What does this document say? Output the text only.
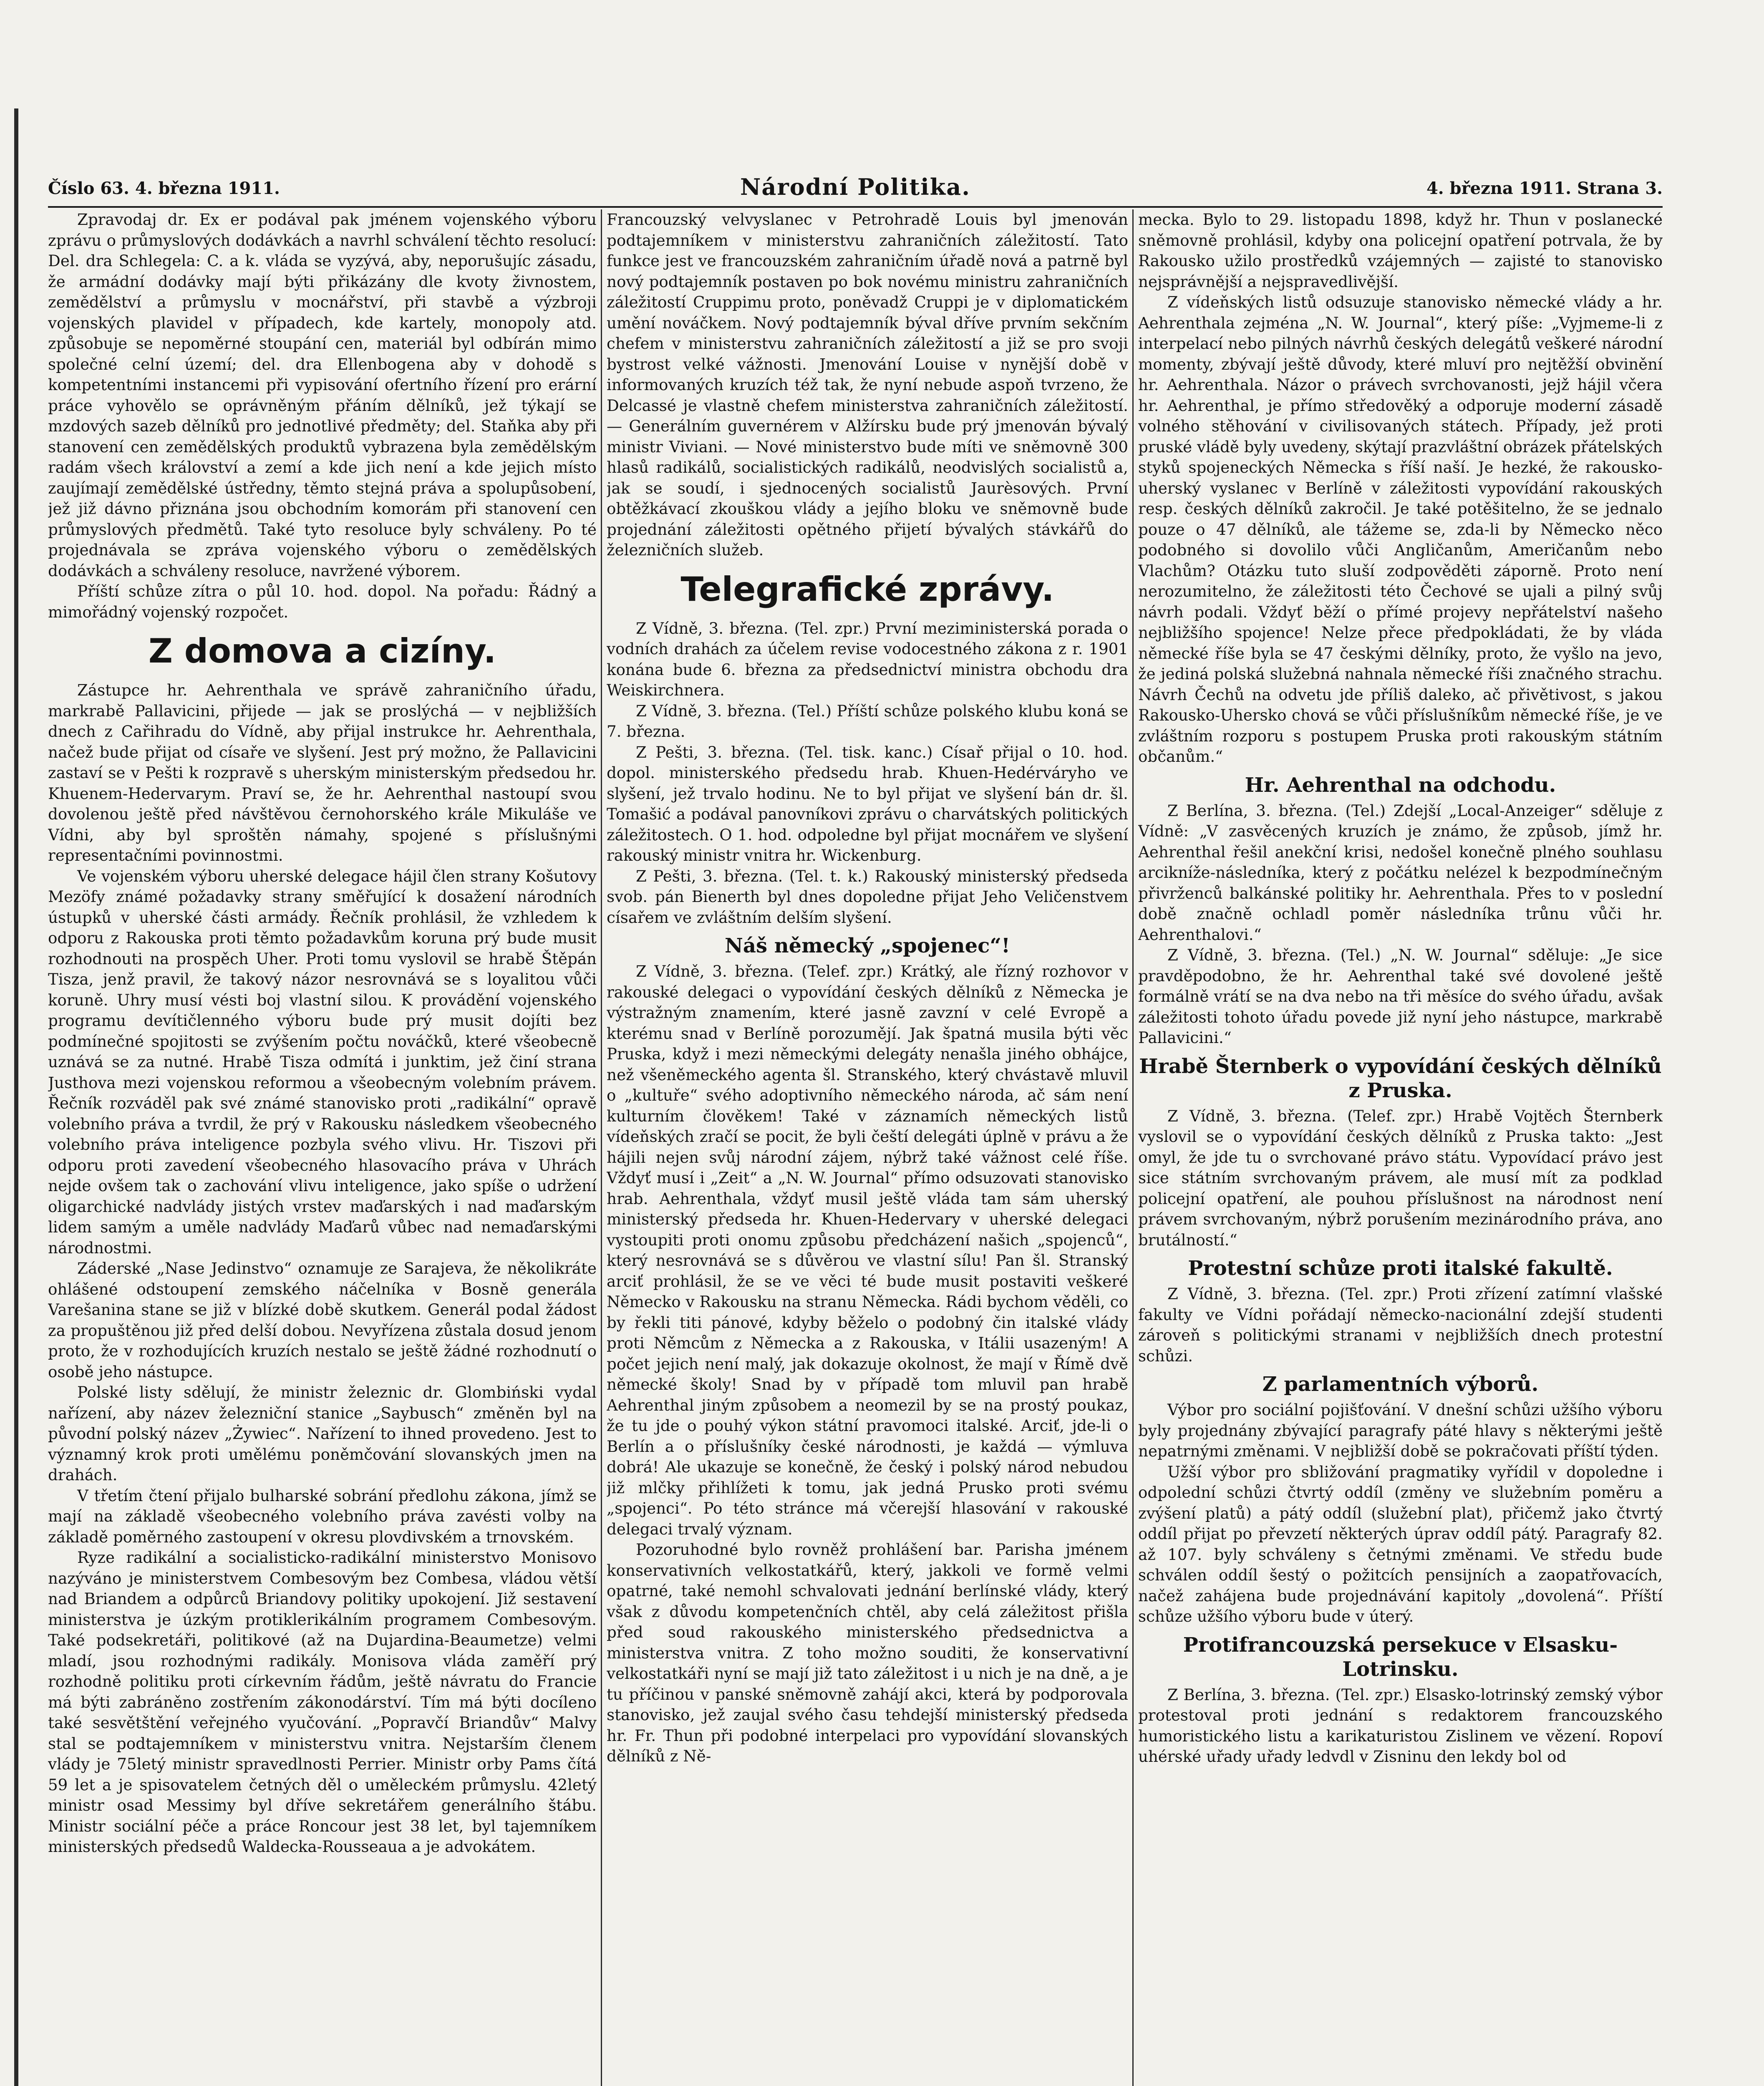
Číslo 63. 4. března 1911.	Národní Politika.	4. března 1911. Strana 3.

Zpravodaj dr. Ex er podával pak jménem vojenského výboru zprávu o průmyslových dodávkách a navrhl schválení těchto resolucí: Del. dra Schlegela: C. a k. vláda se vyzývá, aby, neporušujíc zásadu, že armádní dodávky mají býti přikázány dle kvoty živnostem, zemědělství a průmyslu v mocnářství, při stavbě a výzbroji vojenských plavidel v případech, kde kartely, monopoly atd. způsobuje se nepoměrné stoupání cen, materiál byl odbírán mimo společné celní území; del. dra Ellenbogena aby v dohodě s kompetentními instancemi při vypisování ofertního řízení pro erární práce vyhovělo se oprávněným přáním dělníků, jež týkají se mzdových sazeb dělníků pro jednotlivé předměty; del. Staňka aby při stanovení cen zemědělských produktů vybrazena byla zemědělským radám všech království a zemí a kde jich není a kde jejich místo zaujímají zemědělské ústředny, těmto stejná práva a spolupůsobení, jež již dávno přiznána jsou obchodním komorám při stanovení cen průmyslových předmětů. Také tyto resoluce byly schváleny. Po té projednávala se zpráva vojenského výboru o zemědělských dodávkách a schváleny resoluce, navržené výborem.

Příští schůze zítra o půl 10. hod. dopol. Na pořadu: Řádný a mimořádný vojenský rozpočet.

Z domova a cizíny.

Zástupce hr. Aehrenthala ve správě zahraničního úřadu, markrabě Pallavicini, přijede — jak se proslýchá — v nejbližších dnech z Cařihradu do Vídně, aby přijal instrukce hr. Aehrenthala, načež bude přijat od císaře ve slyšení. Jest prý možno, že Pallavicini zastaví se v Pešti k rozpravě s uherským ministerským předsedou hr. Khuenem-Hedervarym. Praví se, že hr. Aehrenthal nastoupí svou dovolenou ještě před návštěvou černohorského krále Mikuláše ve Vídni, aby byl sproštěn námahy, spojené s příslušnými representačními povinnostmi.

Ve vojenském výboru uherské delegace hájil člen strany Košutovy Mezöfy známé požadavky strany směřující k dosažení národních ústupků v uherské části armády. Řečník prohlásil, že vzhledem k odporu z Rakouska proti těmto požadavkům koruna prý bude musit rozhodnouti na prospěch Uher. Proti tomu vyslovil se hrabě Štěpán Tisza, jenž pravil, že takový názor nesrovnává se s loyalitou vůči koruně. Uhry musí vésti boj vlastní silou. K provádění vojenského programu devítičlenného výboru bude prý musit dojíti bez podmínečné spojitosti se zvýšením počtu nováčků, které všeobecně uznává se za nutné. Hrabě Tisza odmítá i junktim, jež činí strana Justhova mezi vojenskou reformou a všeobecným volebním právem. Řečník rozváděl pak své známé stanovisko proti „radikální“ opravě volebního práva a tvrdil, že prý v Rakousku následkem všeobecného volebního práva inteligence pozbyla svého vlivu. Hr. Tiszovi při odporu proti zavedení všeobecného hlasovacího práva v Uhrách nejde ovšem tak o zachování vlivu inteligence, jako spíše o udržení oligarchické nadvlády jistých vrstev maďarských i nad maďarským lidem samým a uměle nadvlády Maďarů vůbec nad nemaďarskými národnostmi.

Záderské „Nase Jedinstvo“ oznamuje ze Sarajeva, že několikráte ohlášené odstoupení zemského náčelníka v Bosně generála Varešanina stane se již v blízké době skutkem. Generál podal žádost za propuštěnou již před delší dobou. Nevyřízena zůstala dosud jenom proto, že v rozhodujících kruzích nestalo se ještě žádné rozhodnutí o osobě jeho nástupce.

Polské listy sdělují, že ministr železnic dr. Glombiński vydal nařízení, aby název železniční stanice „Saybusch“ změněn byl na původní polský název „Żywiec“. Nařízení to ihned provedeno. Jest to významný krok proti umělému poněmčování slovanských jmen na drahách.

V třetím čtení přijalo bulharské sobrání předlohu zákona, jímž se mají na základě všeobecného volebního práva zavésti volby na základě poměrného zastoupení v okresu plovdivském a trnovském.

Ryze radikální a socialisticko-radikální ministerstvo Monisovo nazýváno je ministerstvem Combesovým bez Combesa, vládou větší nad Briandem a odpůrců Briandovy politiky upokojení. Již sestavení ministerstva je úzkým protiklerikálním programem Combesovým. Také podsekretáři, politikové (až na Dujardina-Beaumetze) velmi mladí, jsou rozhodnými radikály. Monisova vláda zaměří prý rozhodně politiku proti církevním řádům, ještě návratu do Francie má býti zabráněno zostřením zákonodárství. Tím má býti docíleno také sesvětštění veřejného vyučování. „Popravčí Briandův“ Malvy stal se podtajemníkem v ministerstvu vnitra. Nejstarším členem vlády je 75letý ministr spravedlnosti Perrier. Ministr orby Pams čítá 59 let a je spisovatelem četných děl o uměleckém průmyslu. 42letý ministr osad Messimy byl dříve sekretářem generálního štábu. Ministr sociální péče a práce Roncour jest 38 let, byl tajemníkem ministerských předsedů Waldecka-Rousseaua a je advokátem.

Francouzský velvyslanec v Petrohradě Louis byl jmenován podtajemníkem v ministerstvu zahraničních záležitostí. Tato funkce jest ve francouzském zahraničním úřadě nová a patrně byl nový podtajemník postaven po bok novému ministru zahraničních záležitostí Cruppimu proto, poněvadž Cruppi je v diplomatickém umění nováčkem. Nový podtajemník býval dříve prvním sekčním chefem v ministerstvu zahraničních záležitostí a již se pro svoji bystrost velké vážnosti. Jmenování Louise v nynější době v informovaných kruzích též tak, že nyní nebude aspoň tvrzeno, že Delcassé je vlastně chefem ministerstva zahraničních záležitostí. — Generálním guvernérem v Alžírsku bude prý jmenován bývalý ministr Viviani. — Nové ministerstvo bude míti ve sněmovně 300 hlasů radikálů, socialistických radikálů, neodvislých socialistů a, jak se soudí, i sjednocených socialistů Jaurèsových. První obtěžkávací zkouškou vlády a jejího bloku ve sněmovně bude projednání záležitosti opětného přijetí bývalých stávkářů do železničních služeb.

Telegrafické zprávy.

Z Vídně, 3. března. (Tel. zpr.) První meziministerská porada o vodních drahách za účelem revise vodocestného zákona z r. 1901 konána bude 6. března za předsednictví ministra obchodu dra Weiskirchnera.

Z Vídně, 3. března. (Tel.) Příští schůze polského klubu koná se 7. března.

Z Pešti, 3. března. (Tel. tisk. kanc.) Císař přijal o 10. hod. dopol. ministerského předsedu hrab. Khuen-Hedérváryho ve slyšení, jež trvalo hodinu. Ne to byl přijat ve slyšení bán dr. šl. Tomašić a podával panovníkovi zprávu o charvátských politických záležitostech. O 1. hod. odpoledne byl přijat mocnářem ve slyšení rakouský ministr vnitra hr. Wickenburg.

Z Pešti, 3. března. (Tel. t. k.) Rakouský ministerský předseda svob. pán Bienerth byl dnes dopoledne přijat Jeho Veličenstvem císařem ve zvláštním delším slyšení.

Náš německý „spojenec“!

Z Vídně, 3. března. (Telef. zpr.) Krátký, ale řízný rozhovor v rakouské delegaci o vypovídání českých dělníků z Německa je výstražným znamením, které jasně zavzní v celé Evropě a kterému snad v Berlíně porozumějí. Jak špatná musila býti věc Pruska, když i mezi německými delegáty nenašla jiného obhájce, než všeněmeckého agenta šl. Stranského, který chvástavě mluvil o „kultuře“ svého adoptivního německého národa, ač sám není kulturním člověkem! Také v záznamích německých listů vídeňských zračí se pocit, že byli čeští delegáti úplně v právu a že hájili nejen svůj národní zájem, nýbrž také vážnost celé říše. Vždyť musí i „Zeit“ a „N. W. Journal“ přímo odsuzovati stanovisko hrab. Aehrenthala, vždyť musil ještě vláda tam sám uherský ministerský předseda hr. Khuen-Hedervary v uherské delegaci vystoupiti proti onomu způsobu předcházení našich „spojenců“, který nesrovnává se s důvěrou ve vlastní sílu! Pan šl. Stranský arciť prohlásil, že se ve věci té bude musit postaviti veškeré Německo v Rakousku na stranu Německa. Rádi bychom věděli, co by řekli titi pánové, kdyby běželo o podobný čin italské vlády proti Němcům z Německa a z Rakouska, v Itálii usazeným! A počet jejich není malý, jak dokazuje okolnost, že mají v Římě dvě německé školy! Snad by v případě tom mluvil pan hrabě Aehrenthal jiným způsobem a neomezil by se na prostý poukaz, že tu jde o pouhý výkon státní pravomoci italské. Arciť, jde-li o Berlín a o příslušníky české národnosti, je každá — výmluva dobrá! Ale ukazuje se konečně, že český i polský národ nebudou již mlčky přihlížeti k tomu, jak jedná Prusko proti svému „spojenci“. Po této stránce má včerejší hlasování v rakouské delegaci trvalý význam.

Pozoruhodné bylo rovněž prohlášení bar. Parisha jménem konservativních velkostatkářů, který, jakkoli ve formě velmi opatrné, také nemohl schvalovati jednání berlínské vlády, který však z důvodu kompetenčních chtěl, aby celá záležitost přišla před soud rakouského ministerského předsednictva a ministerstva vnitra. Z toho možno souditi, že konservativní velkostatkáři nyní se mají již tato záležitost i u nich je na dně, a je tu příčinou v panské sněmovně zahájí akci, která by podporovala stanovisko, jež zaujal svého času tehdejší ministerský předseda hr. Fr. Thun při podobné interpelaci pro vypovídání slovanských dělníků z Ně-

mecka. Bylo to 29. listopadu 1898, když hr. Thun v poslanecké sněmovně prohlásil, kdyby ona policejní opatření potrvala, že by Rakousko užilo prostředků vzájemných — zajisté to stanovisko nejsprávnější a nejspravedlivější.

Z vídeňských listů odsuzuje stanovisko německé vlády a hr. Aehrenthala zejména „N. W. Journal“, který píše: „Vyjmeme-li z interpelací nebo pilných návrhů českých delegátů veškeré národní momenty, zbývají ještě důvody, které mluví pro nejtěžší obvinění hr. Aehrenthala. Názor o právech svrchovanosti, jejž hájil včera hr. Aehrenthal, je přímo středověký a odporuje moderní zásadě volného stěhování v civilisovaných státech. Případy, jež proti pruské vládě byly uvedeny, skýtají prazvláštní obrázek přátelských styků spojeneckých Německa s říší naší. Je hezké, že rakousko-uherský vyslanec v Berlíně v záležitosti vypovídání rakouských resp. českých dělníků zakročil. Je také potěšitelno, že se jednalo pouze o 47 dělníků, ale tážeme se, zda-li by Německo něco podobného si dovolilo vůči Angličanům, Američanům nebo Vlachům? Otázku tuto sluší zodpověděti záporně. Proto není nerozumitelno, že záležitosti této Čechové se ujali a pilný svůj návrh podali. Vždyť běží o přímé projevy nepřátelství našeho nejbližšího spojence! Nelze přece předpokládati, že by vláda německé říše byla se 47 českými dělníky, proto, že vyšlo na jevo, že jediná polská služebná nahnala německé říši značného strachu. Návrh Čechů na odvetu jde příliš daleko, ač přivětivost, s jakou Rakousko-Uhersko chová se vůči příslušníkům německé říše, je ve zvláštním rozporu s postupem Pruska proti rakouským státním občanům.“

Hr. Aehrenthal na odchodu.

Z Berlína, 3. března. (Tel.) Zdejší „Local-Anzeiger“ sděluje z Vídně: „V zasvěcených kruzích je známo, že způsob, jímž hr. Aehrenthal řešil anekční krisi, nedošel konečně plného souhlasu arcikníže-následníka, který z počátku nelézel k bezpodmínečným přivrženců balkánské politiky hr. Aehrenthala. Přes to v poslední době značně ochladl poměr následníka trůnu vůči hr. Aehrenthalovi.“

Z Vídně, 3. března. (Tel.) „N. W. Journal“ sděluje: „Je sice pravděpodobno, že hr. Aehrenthal také své dovolené ještě formálně vrátí se na dva nebo na tři měsíce do svého úřadu, avšak záležitosti tohoto úřadu povede již nyní jeho nástupce, markrabě Pallavicini.“

Hrabě Šternberk o vypovídání českých dělníků z Pruska.

Z Vídně, 3. března. (Telef. zpr.) Hrabě Vojtěch Šternberk vyslovil se o vypovídání českých dělníků z Pruska takto: „Jest omyl, že jde tu o svrchované právo státu. Vypovídací právo jest sice státním svrchovaným právem, ale musí mít za podklad policejní opatření, ale pouhou příslušnost na národnost není právem svrchovaným, nýbrž porušením mezinárodního práva, ano brutálností.“

Protestní schůze proti italské fakultě.

Z Vídně, 3. března. (Tel. zpr.) Proti zřízení zatímní vlašské fakulty ve Vídni pořádají německo-nacionální zdejší studenti zároveň s politickými stranami v nejbližších dnech protestní schůzi.

Z parlamentních výborů.

Výbor pro sociální pojišťování. V dnešní schůzi užšího výboru byly projednány zbývající paragrafy páté hlavy s některými ještě nepatrnými změnami. V nejbližší době se pokračovati příští týden.

Užší výbor pro sbližování pragmatiky vyřídil v dopoledne i odpolední schůzi čtvrtý oddíl (změny ve služebním poměru a zvýšení platů) a pátý oddíl (služební plat), přičemž jako čtvrtý oddíl přijat po převzetí některých úprav oddíl pátý. Paragrafy 82. až 107. byly schváleny s četnými změnami. Ve středu bude schválen oddíl šestý o požitcích pensijních a zaopatřovacích, načež zahájena bude projednávání kapitoly „dovolená“. Příští schůze užšího výboru bude v úterý.

Protifrancouzská persekuce v Elsasku-Lotrinsku.

Z Berlína, 3. března. (Tel. zpr.) Elsasko-lotrinský zemský výbor protestoval proti jednání s redaktorem francouzského humoristického listu a karikaturistou Zislinem ve vězení. Ropoví uhérské uřady uřady ledvdl v Zisninu den lekdy bol od
